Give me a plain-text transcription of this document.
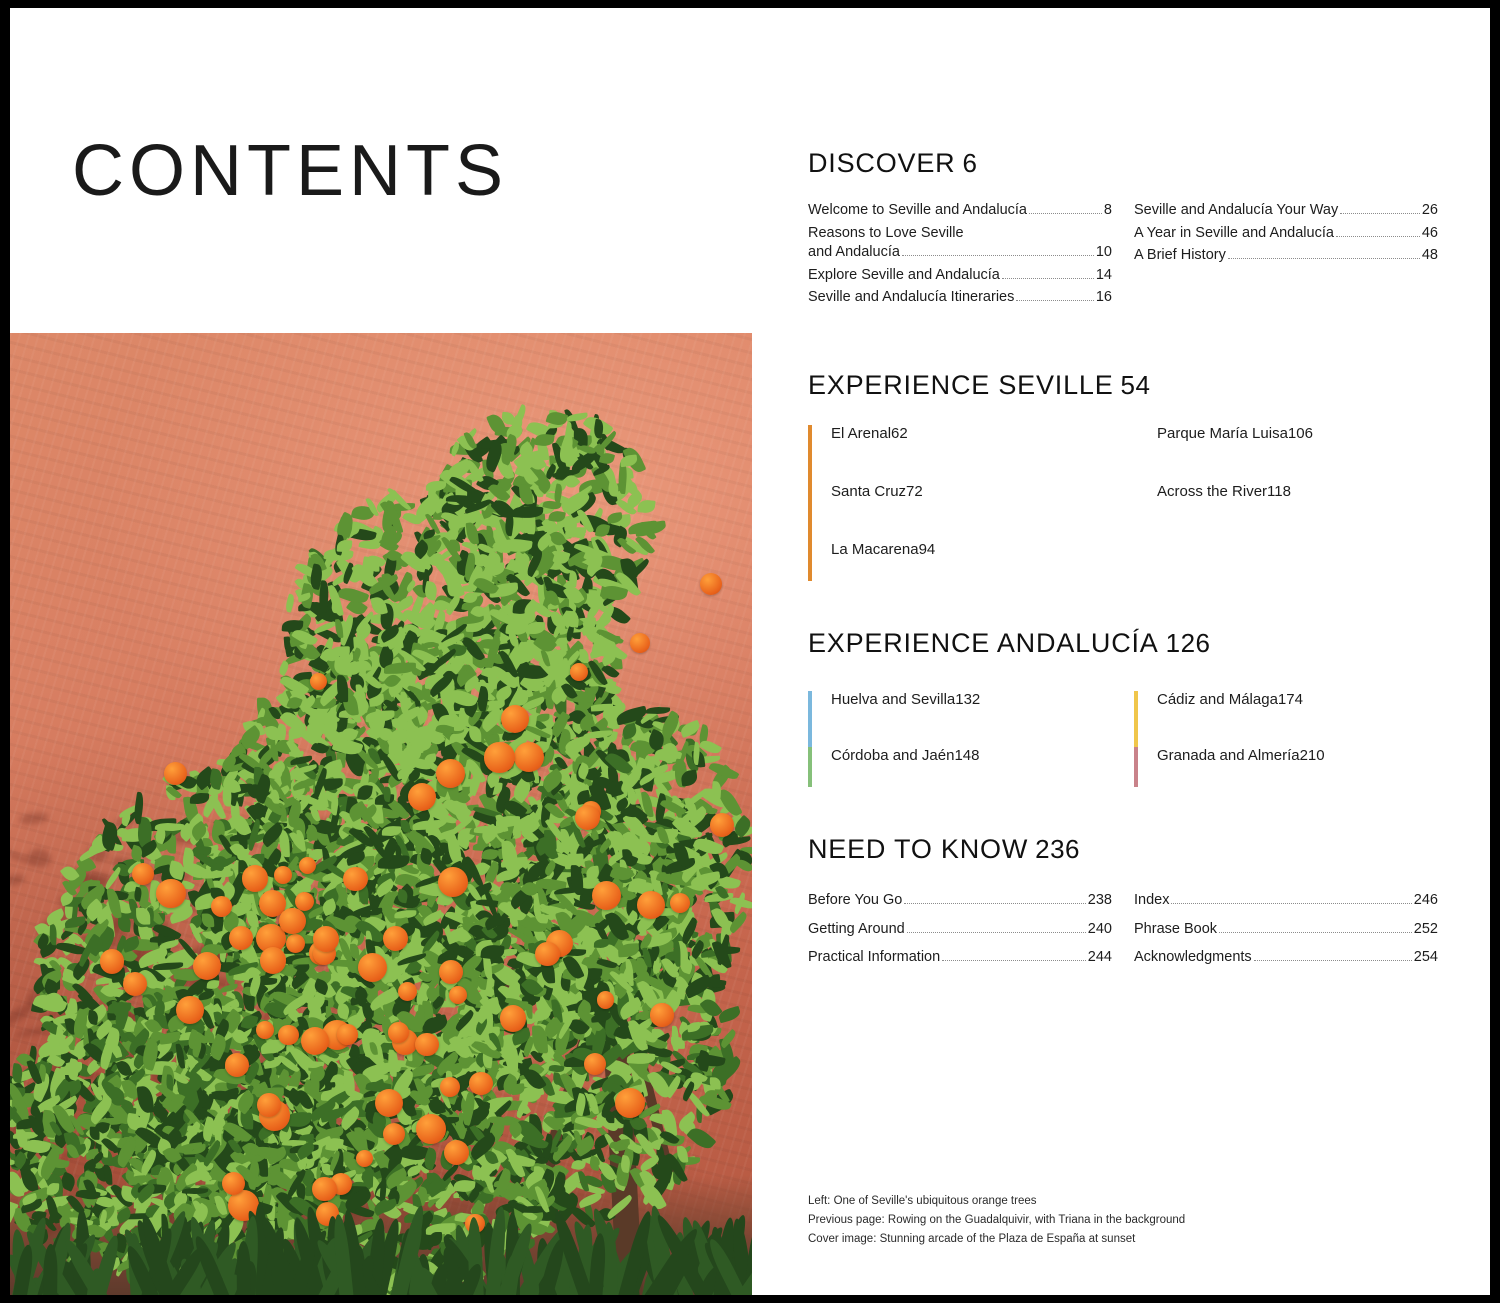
CONTENTS	DISCOVER 6
Welcome to Seville and Andalucía	8
Reasons to Love Seville
and Andalucía	10
Explore Seville and Andalucía	14
Seville and Andalucía Itineraries	16
Seville and Andalucía Your Way	26
A Year in Seville and Andalucía	46
A Brief History	48
EXPERIENCE SEVILLE 54
El Arenal 62
Santa Cruz 72
La Macarena 94
Parque María Luisa 106
Across the River 118
EXPERIENCE ANDALUCÍA 126
Huelva and Sevilla 132
Córdoba and Jaén 148
Cádiz and Málaga 174
Granada and Almería 210
NEED TO KNOW 236
Before You Go	238
Getting Around	240
Practical Information	244
Index	246
Phrase Book	252
Acknowledgments	254
Left: One of Seville's ubiquitous orange trees
Previous page: Rowing on the Guadalquivir, with Triana in the background
Cover image: Stunning arcade of the Plaza de España at sunset
